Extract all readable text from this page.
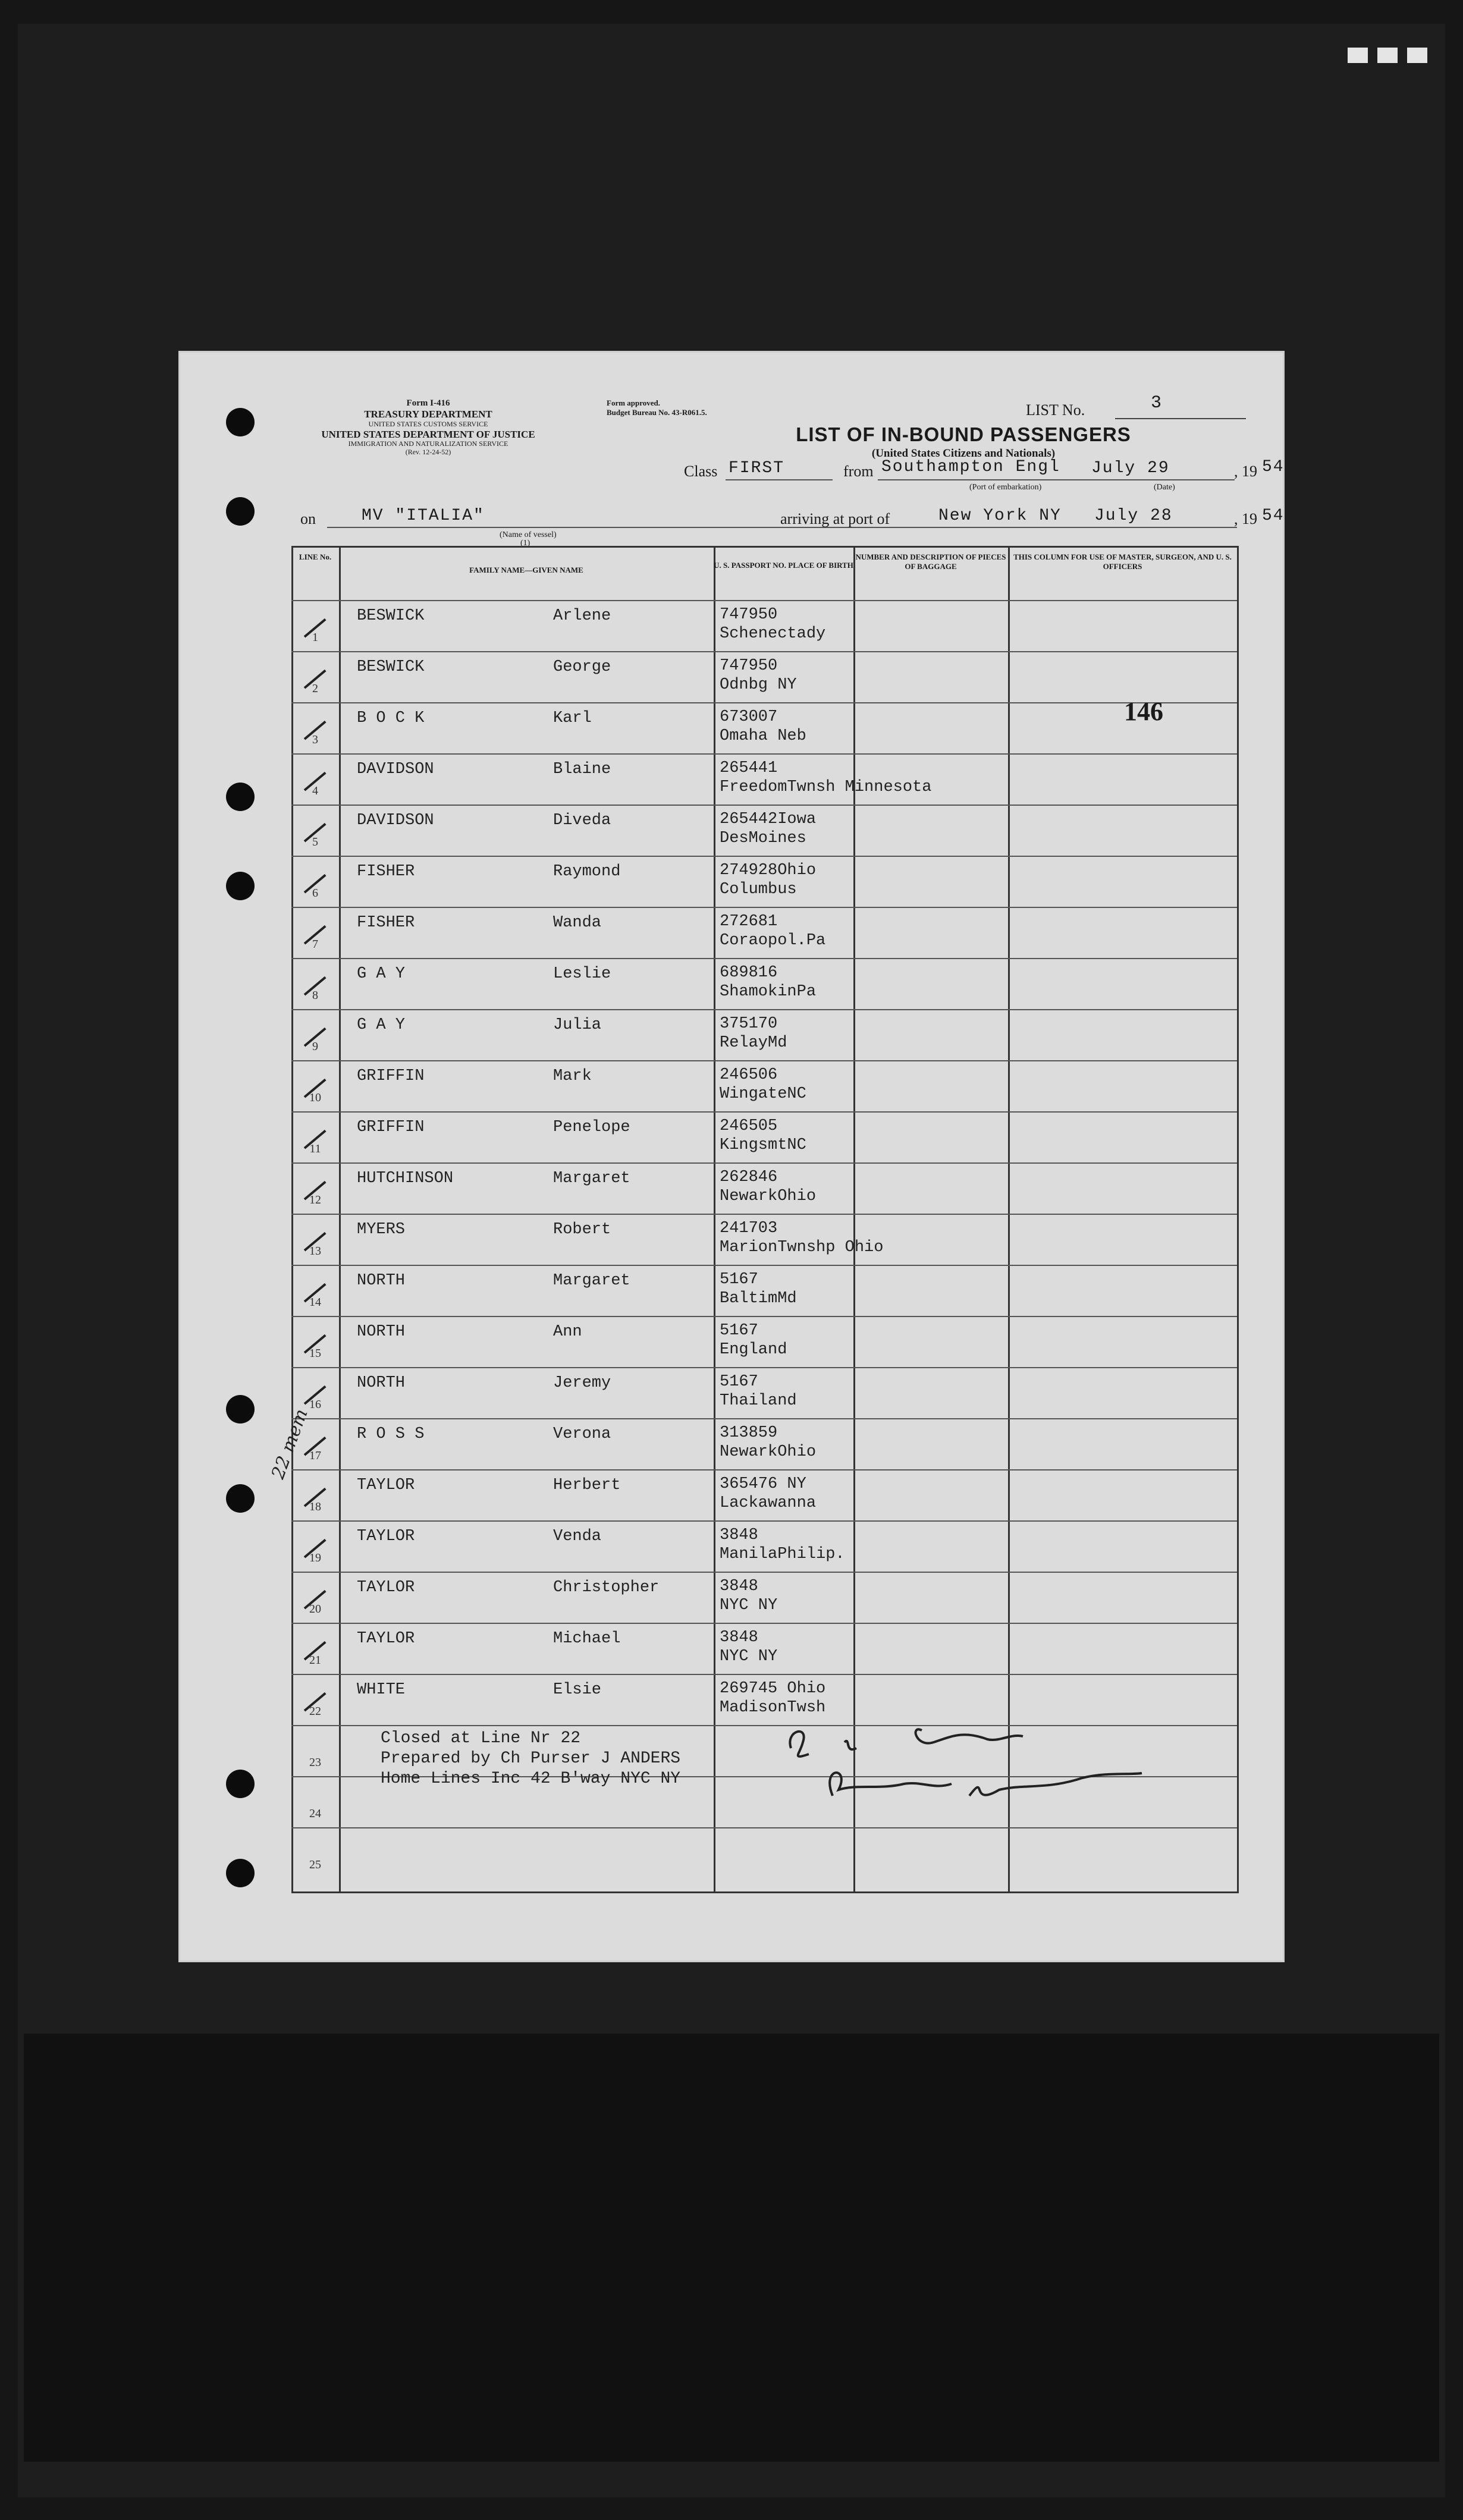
Form I-416
TREASURY DEPARTMENT
UNITED STATES CUSTOMS SERVICE
UNITED STATES DEPARTMENT OF JUSTICE
IMMIGRATION AND NATURALIZATION SERVICE
(Rev. 12-24-52)
Form approved.
Budget Bureau No. 43-R061.5.	LIST No.	3
LIST OF IN-BOUND PASSENGERS
(United States Citizens and Nationals)
Class FIRST	from Southampton Engl July 29	, 19 54
(Port of embarkation)	(Date)
on	MV "ITALIA"
(Name of vessel)
(1)
arriving at port of	New York NY July 28	, 19 54
LINE No.
FAMILY NAME—GIVEN NAME
U. S. PASSPORT NO. PLACE OF BIRTH
NUMBER AND DESCRIPTION OF PIECES OF BAGGAGE
THIS COLUMN FOR USE OF MASTER, SURGEON, AND U. S. OFFICERS
1
BESWICK	Arlene	747950
Schenectady
2
BESWICK	George	747950
Odnbg NY
3
B O C K	Karl	673007
Omaha Neb
4
DAVIDSON	Blaine	265441
FreedomTwnsh Minnesota
5
DAVIDSON	Diveda	265442Iowa
DesMoines
6
FISHER	Raymond	274928Ohio
Columbus
7
FISHER	Wanda	272681
Coraopol.Pa
8
G A Y	Leslie	689816
ShamokinPa
9
G A Y	Julia	375170
RelayMd
10
GRIFFIN	Mark	246506
WingateNC
11
GRIFFIN	Penelope	246505
KingsmtNC
12
HUTCHINSON	Margaret	262846
NewarkOhio
13
MYERS	Robert	241703
MarionTwnshp Ohio
14
NORTH	Margaret	5167
BaltimMd
15
NORTH	Ann	5167
England
16
NORTH	Jeremy	5167
Thailand
17
R O S S	Verona	313859
NewarkOhio
18
TAYLOR	Herbert	365476 NY
Lackawanna
19
TAYLOR	Venda	3848
ManilaPhilip.
20
TAYLOR	Christopher	3848
NYC NY
21
TAYLOR	Michael	3848
NYC NY
22
WHITE	Elsie	269745 Ohio
MadisonTwsh
23
24
25
146
22 mem
Closed at Line Nr 22
Prepared by Ch Purser J ANDERS
Home Lines Inc 42 B'way NYC NY
